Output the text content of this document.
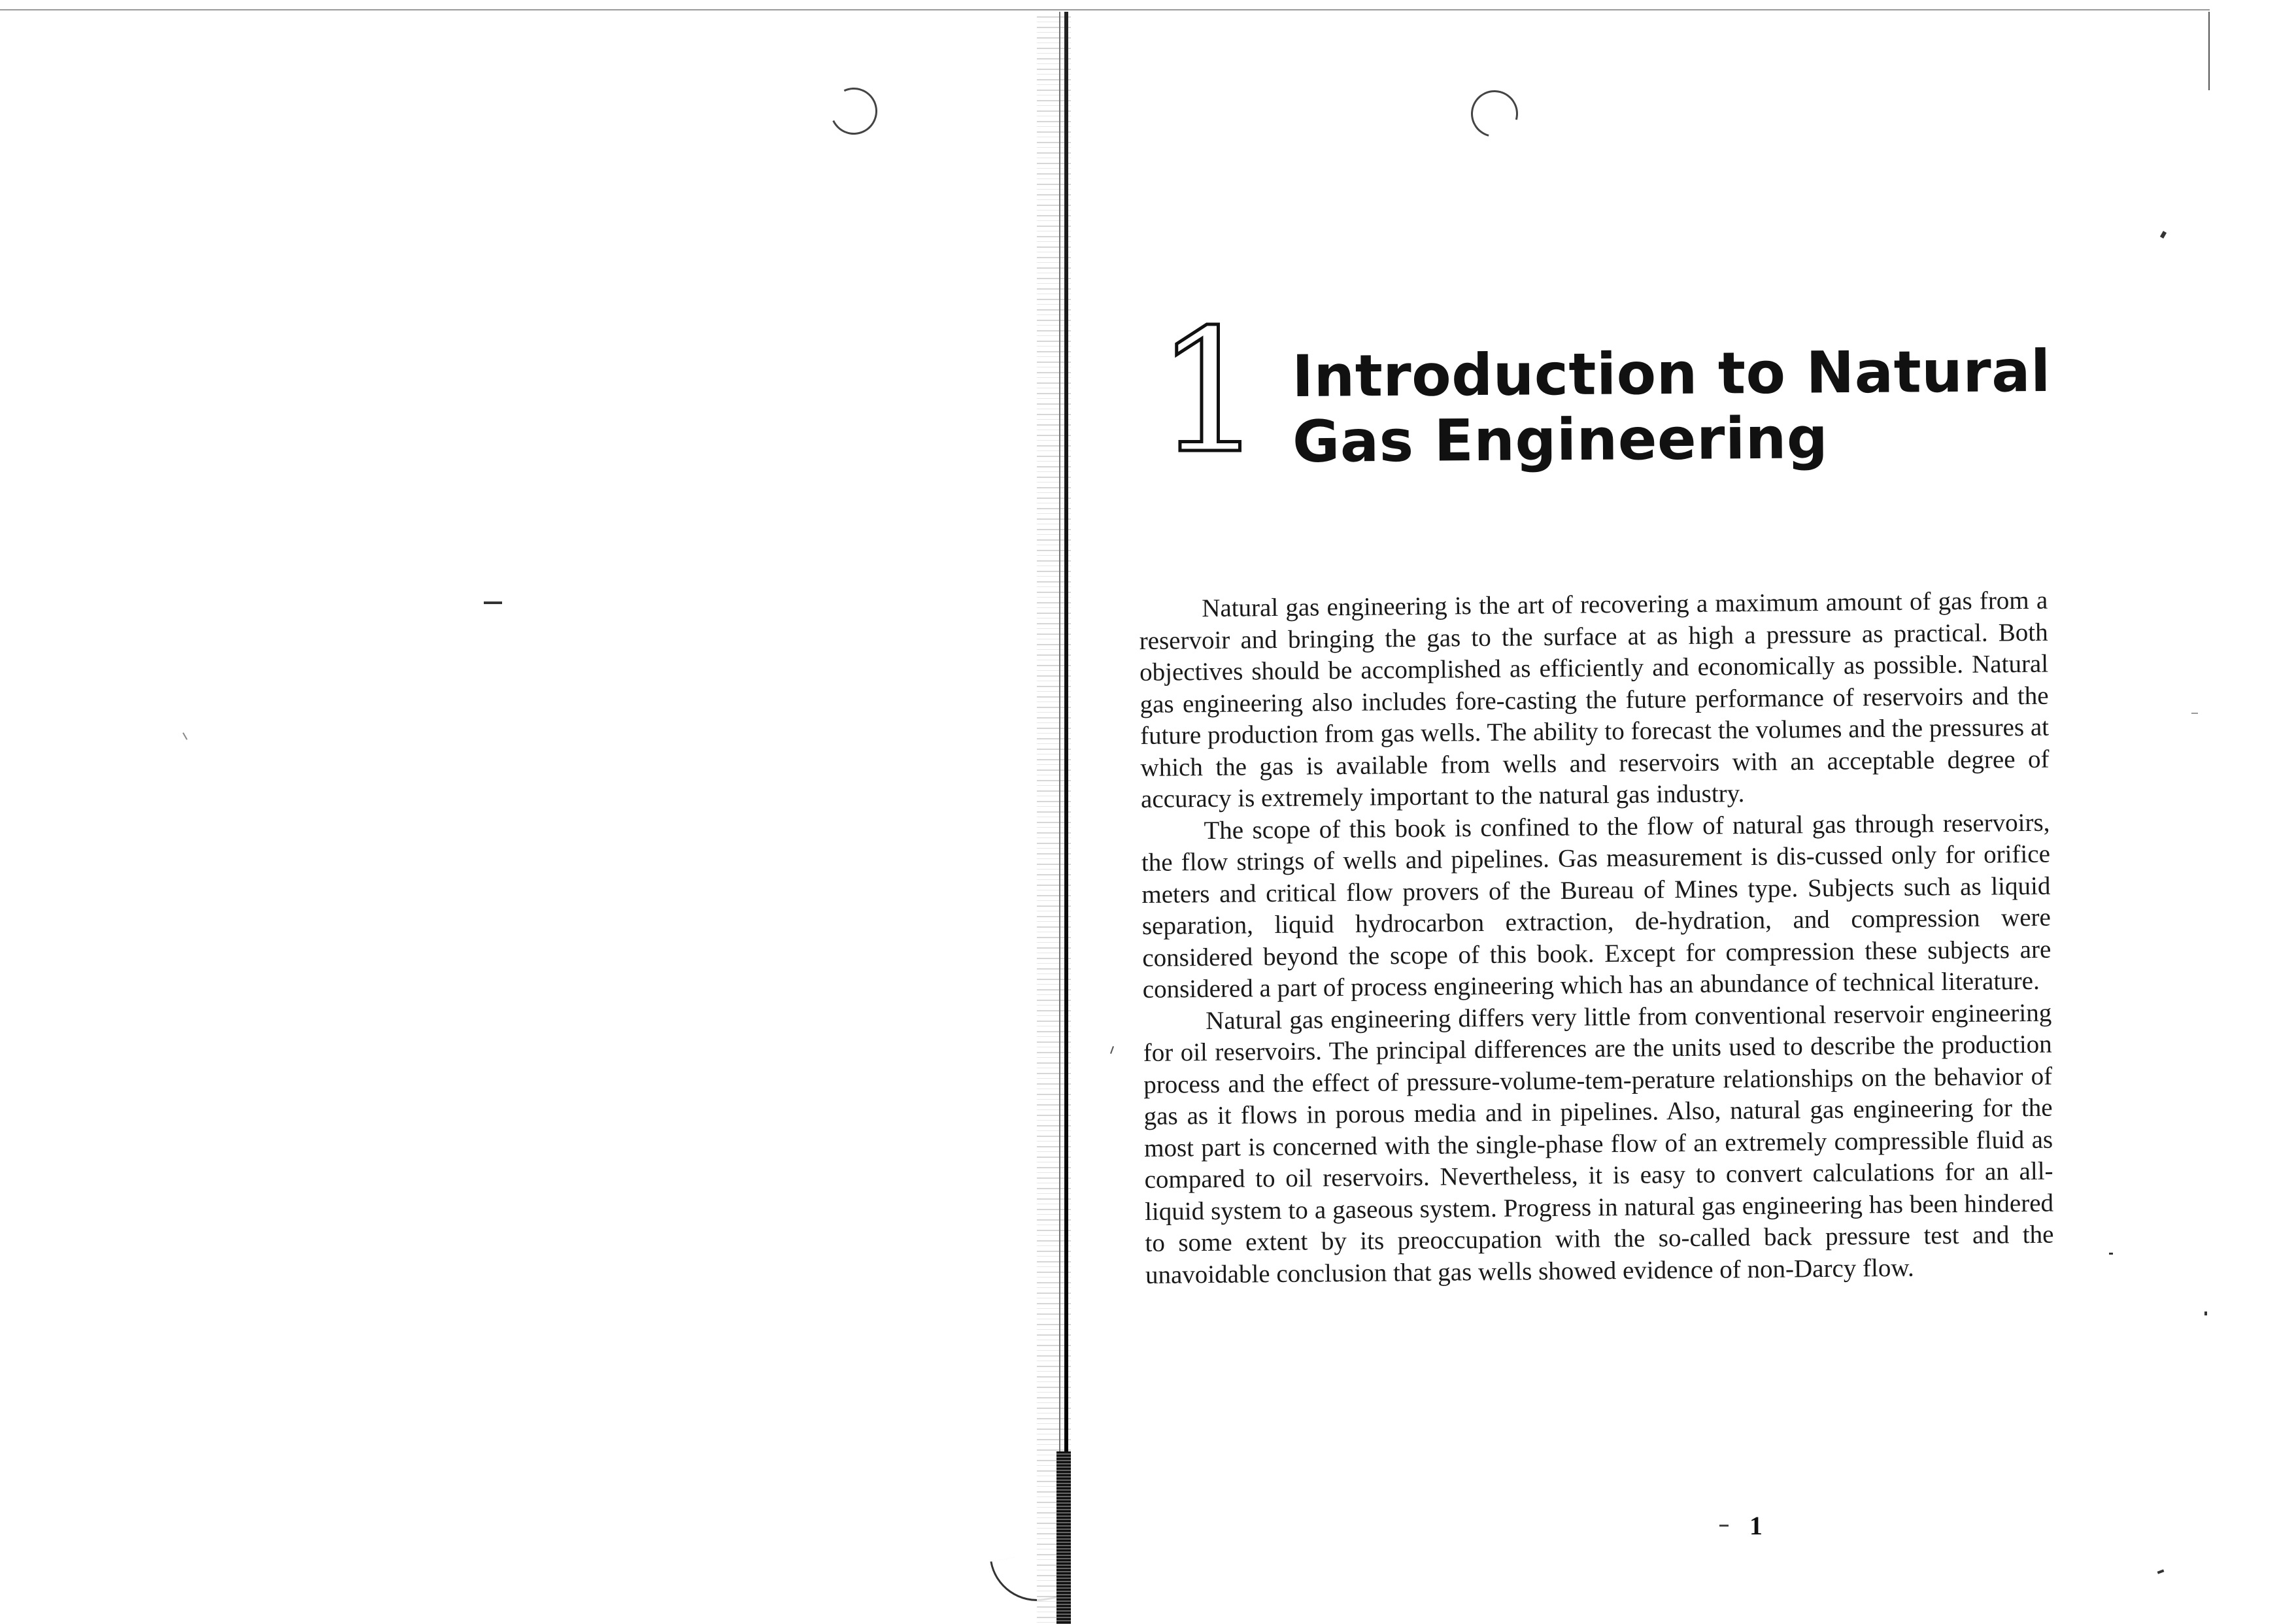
1 Introduction to Natural
Gas Engineering

Natural gas engineering is the art of recovering a maximum amount of gas from a reservoir and bringing the gas to the surface at as high a pressure as practical. Both objectives should be accomplished as efficiently and economically as possible. Natural gas engineering also includes fore-casting the future performance of reservoirs and the future production from gas wells. The ability to forecast the volumes and the pressures at which the gas is available from wells and reservoirs with an acceptable degree of accuracy is extremely important to the natural gas industry.

The scope of this book is confined to the flow of natural gas through reservoirs, the flow strings of wells and pipelines. Gas measurement is dis-cussed only for orifice meters and critical flow provers of the Bureau of Mines type. Subjects such as liquid separation, liquid hydrocarbon extraction, de-hydration, and compression were considered beyond the scope of this book. Except for compression these subjects are considered a part of process engineering which has an abundance of technical literature.

Natural gas engineering differs very little from conventional reservoir engineering for oil reservoirs. The principal differences are the units used to describe the production process and the effect of pressure-volume-tem-perature relationships on the behavior of gas as it flows in porous media and in pipelines. Also, natural gas engineering for the most part is concerned with the single-phase flow of an extremely compressible fluid as compared to oil reservoirs. Nevertheless, it is easy to convert calculations for an all-liquid system to a gaseous system. Progress in natural gas engineering has been hindered to some extent by its preoccupation with the so-called back pressure test and the unavoidable conclusion that gas wells showed evidence of non-Darcy flow.

1
